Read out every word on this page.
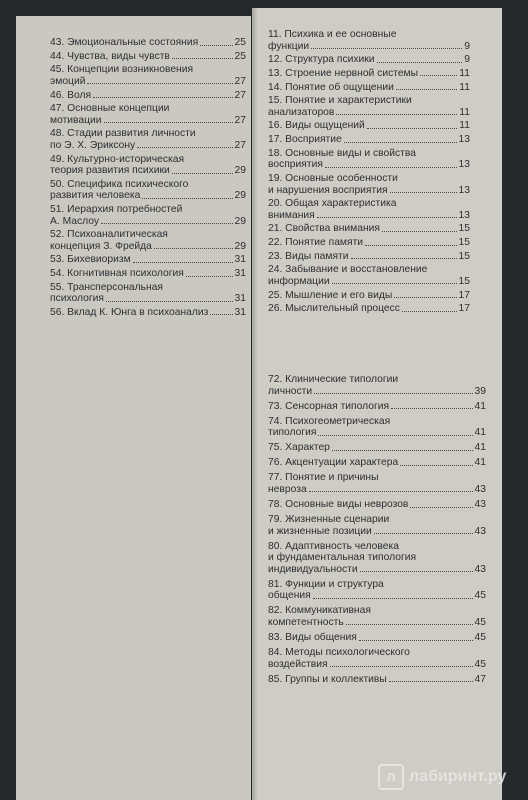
43. Эмоциональные состояния	25
44. Чувства, виды чувств	25
45. Концепции возникновения
эмоций	27
46. Воля	27
47. Основные концепции
мотивации	27
48. Стадии развития личности
по Э. Х. Эриксону	27
49. Культурно-историческая
теория развития психики	29
50. Специфика психического
развития человека	29
51. Иерархия потребностей
А. Маслоу	29
52. Психоаналитическая
концепция З. Фрейда	29
53. Бихевиоризм	31
54. Когнитивная психология	31
55. Трансперсональная
психология	31
56. Вклад К. Юнга в психоанализ	31
11. Психика и ее основные
функции	9
12. Структура психики	9
13. Строение нервной системы	11
14. Понятие об ощущении	11
15. Понятие и характеристики
анализаторов	11
16. Виды ощущений	11
17. Восприятие	13
18. Основные виды и свойства
восприятия	13
19. Основные особенности
и нарушения восприятия	13
20. Общая характеристика
внимания	13
21. Свойства внимания	15
22. Понятие памяти	15
23. Виды памяти	15
24. Забывание и восстановление
информации	15
25. Мышление и его виды	17
26. Мыслительный процесс	17
72. Клинические типологии
личности	39
73. Сенсорная типология	41
74. Психогеометрическая
типология	41
75. Характер	41
76. Акцентуации характера	41
77. Понятие и причины
невроза	43
78. Основные виды неврозов	43
79. Жизненные сценарии
и жизненные позиции	43
80. Адаптивность человека
и фундаментальная типология
индивидуальности	43
81. Функции и структура
общения	45
82. Коммуникативная
компетентность	45
83. Виды общения	45
84. Методы психологического
воздействия	45
85. Группы и коллективы	47
л лабиринт.ру
